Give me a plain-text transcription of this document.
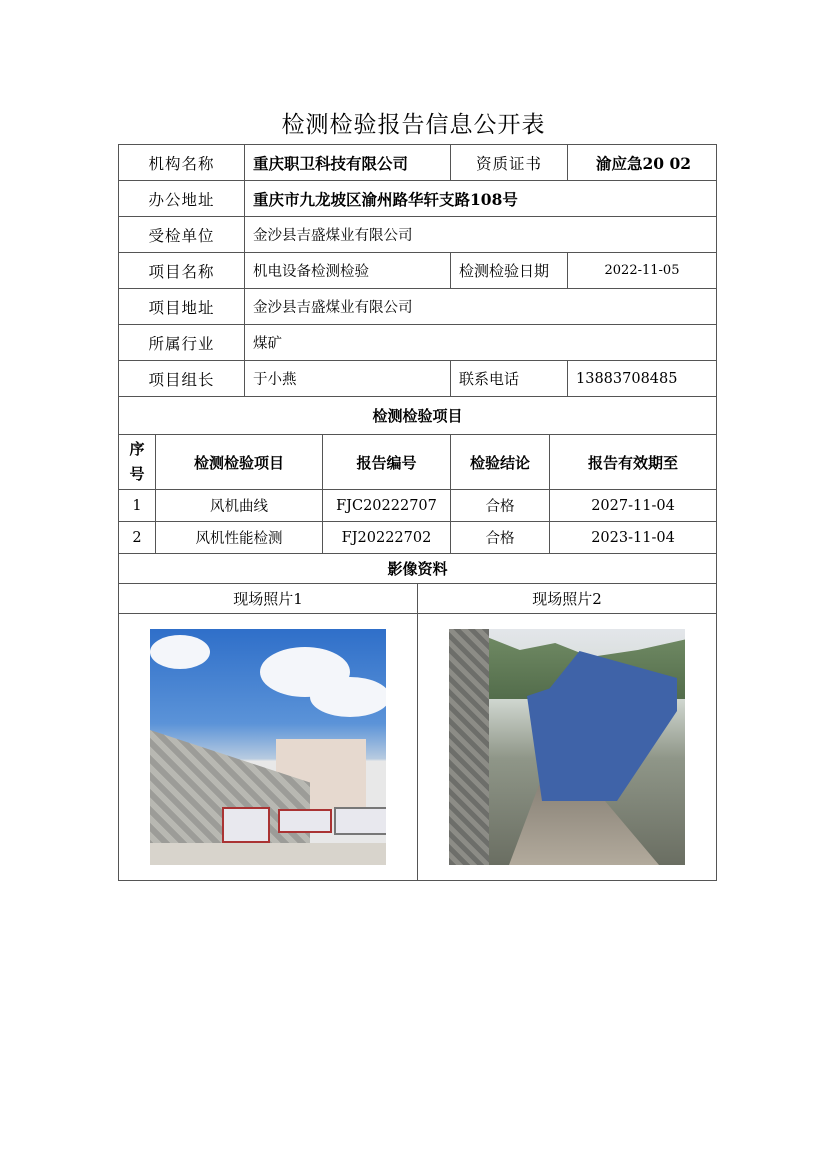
检测检验报告信息公开表
机构名称	重庆职卫科技有限公司	资质证书	渝应急20 02
办公地址	重庆市九龙坡区渝州路华轩支路108号		
受检单位	金沙县吉盛煤业有限公司		
项目名称	机电设备检测检验	检测检验日期	2022-11-05
项目地址	金沙县吉盛煤业有限公司		
所属行业	煤矿		
项目组长	于小燕	联系电话	13883708485
检测检验项目			
序号	检测检验项目	报告编号	检验结论	报告有效期至
1	风机曲线	FJC20222707	合格	2027-11-04
2	风机性能检测	FJ20222702	合格	2023-11-04
影像资料				
现场照片1	现场照片2
